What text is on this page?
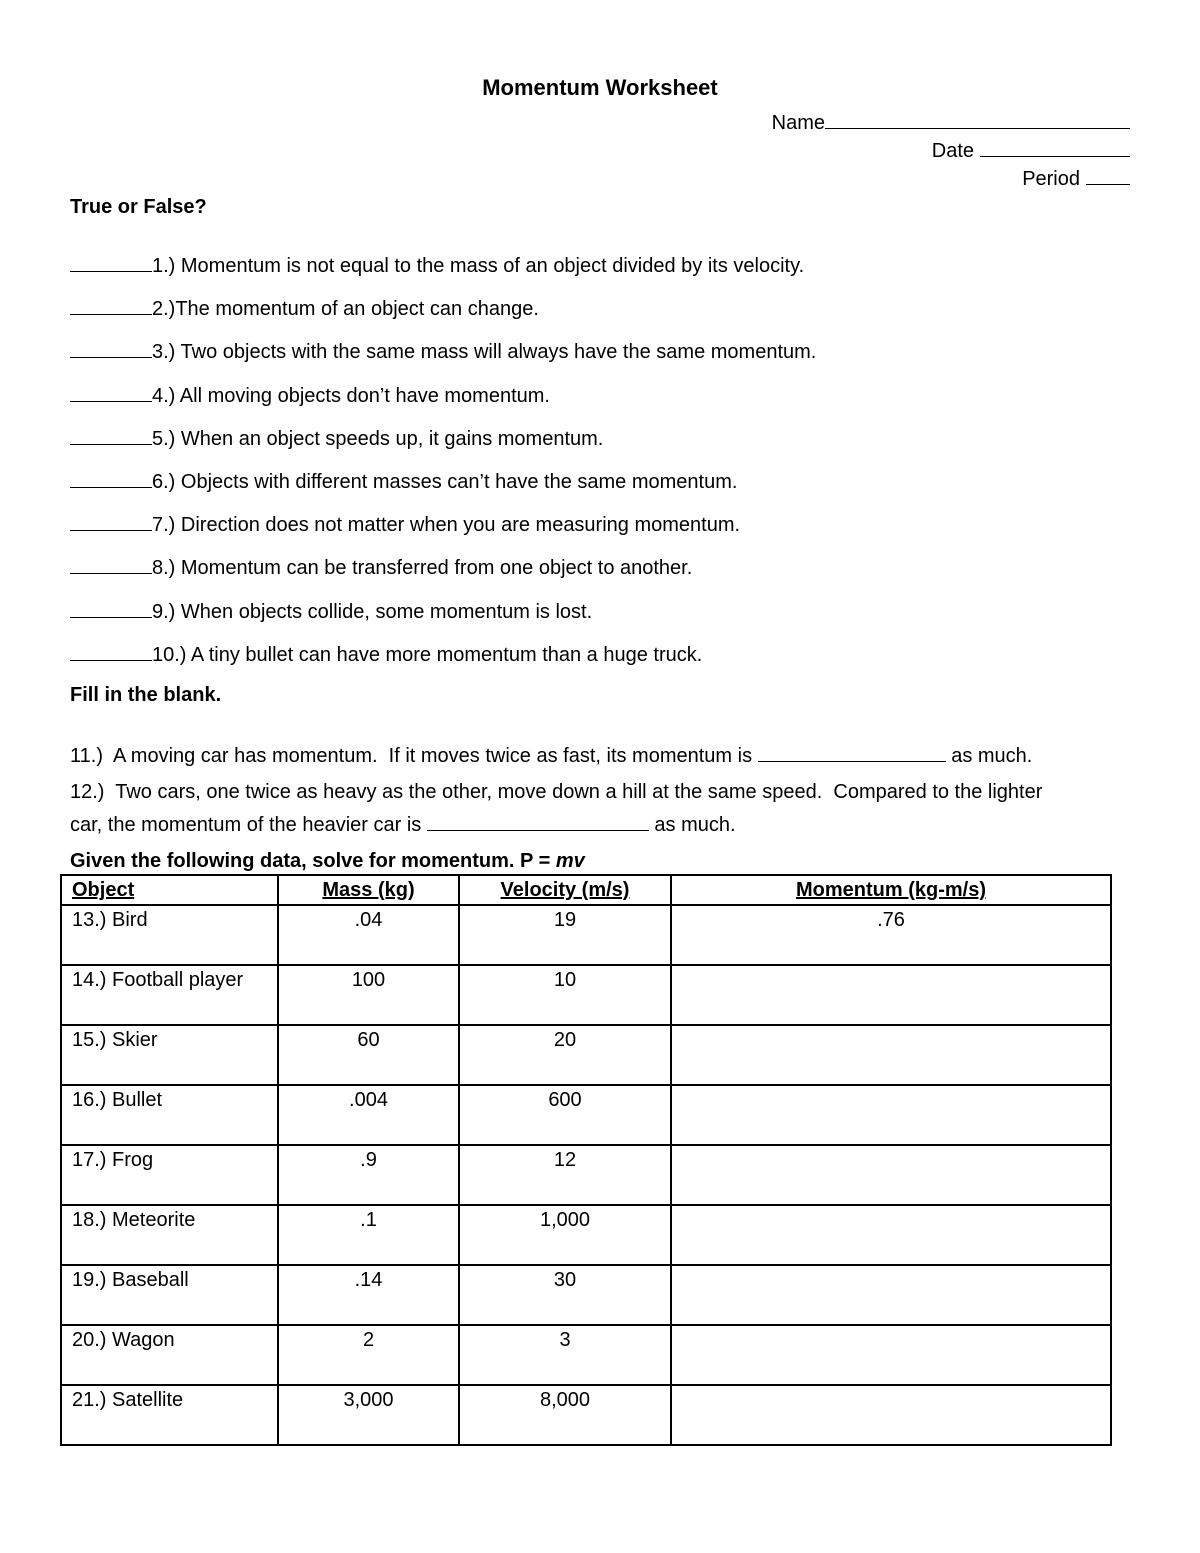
Momentum Worksheet
Name
Date
Period
True or False?
1.) Momentum is not equal to the mass of an object divided by its velocity.
2.)The momentum of an object can change.
3.) Two objects with the same mass will always have the same momentum.
4.) All moving objects don’t have momentum.
5.) When an object speeds up, it gains momentum.
6.) Objects with different masses can’t have the same momentum.
7.) Direction does not matter when you are measuring momentum.
8.) Momentum can be transferred from one object to another.
9.) When objects collide, some momentum is lost.
10.) A tiny bullet can have more momentum than a huge truck.
Fill in the blank.
11.)  A moving car has momentum.  If it moves twice as fast, its momentum is	as much.
12.)  Two cars, one twice as heavy as the other, move down a hill at the same speed.  Compared to the lighter
car, the momentum of the heavier car is	as much.
Given the following data, solve for momentum. P = mv
Object	Mass (kg)	Velocity (m/s)	Momentum (kg-m/s)
13.) Bird	.04	19	.76
14.) Football player	100	10	
15.) Skier	60	20	
16.) Bullet	.004	600	
17.) Frog	.9	12	
18.) Meteorite	.1	1,000	
19.) Baseball	.14	30	
20.) Wagon	2	3	
21.) Satellite	3,000	8,000	
